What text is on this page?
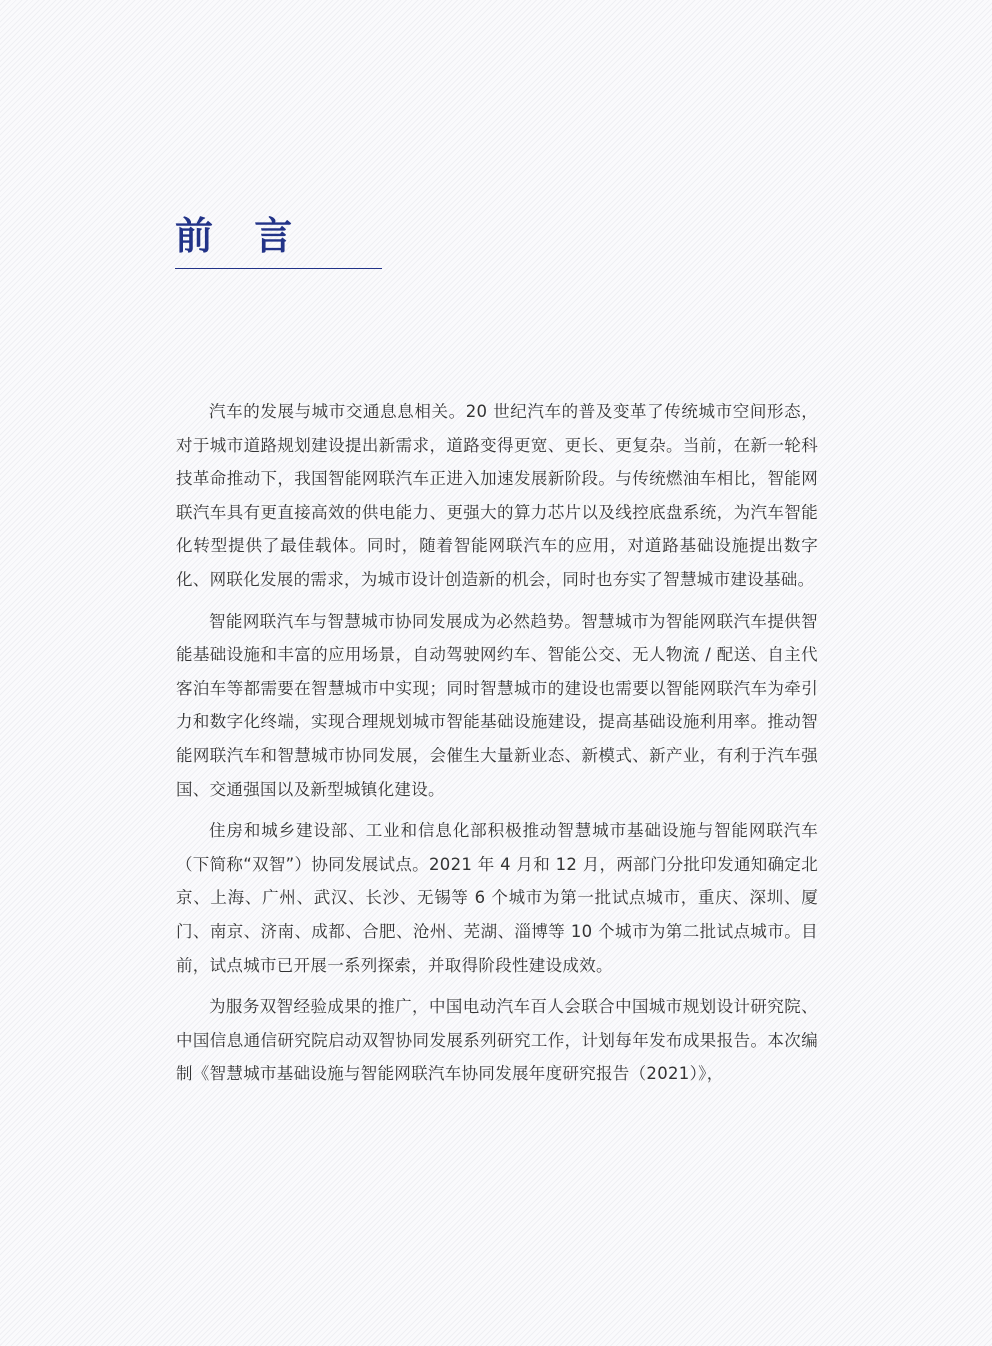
前 言

汽车的发展与城市交通息息相关。20 世纪汽车的普及变革了传统城市空间形态，对于城市道路规划建设提出新需求，道路变得更宽、更长、更复杂。当前，在新一轮科技革命推动下，我国智能网联汽车正进入加速发展新阶段。与传统燃油车相比，智能网联汽车具有更直接高效的供电能力、更强大的算力芯片以及线控底盘系统，为汽车智能化转型提供了最佳载体。同时，随着智能网联汽车的应用，对道路基础设施提出数字化、网联化发展的需求，为城市设计创造新的机会，同时也夯实了智慧城市建设基础。

智能网联汽车与智慧城市协同发展成为必然趋势。智慧城市为智能网联汽车提供智能基础设施和丰富的应用场景，自动驾驶网约车、智能公交、无人物流 / 配送、自主代客泊车等都需要在智慧城市中实现；同时智慧城市的建设也需要以智能网联汽车为牵引力和数字化终端，实现合理规划城市智能基础设施建设，提高基础设施利用率。推动智能网联汽车和智慧城市协同发展，会催生大量新业态、新模式、新产业，有利于汽车强国、交通强国以及新型城镇化建设。

住房和城乡建设部、工业和信息化部积极推动智慧城市基础设施与智能网联汽车（下简称“双智”）协同发展试点。2021 年 4 月和 12 月，两部门分批印发通知确定北京、上海、广州、武汉、长沙、无锡等 6 个城市为第一批试点城市，重庆、深圳、厦门、南京、济南、成都、合肥、沧州、芜湖、淄博等 10 个城市为第二批试点城市。目前，试点城市已开展一系列探索，并取得阶段性建设成效。

为服务双智经验成果的推广，中国电动汽车百人会联合中国城市规划设计研究院、中国信息通信研究院启动双智协同发展系列研究工作，计划每年发布成果报告。本次编制《智慧城市基础设施与智能网联汽车协同发展年度研究报告（2021）》，
